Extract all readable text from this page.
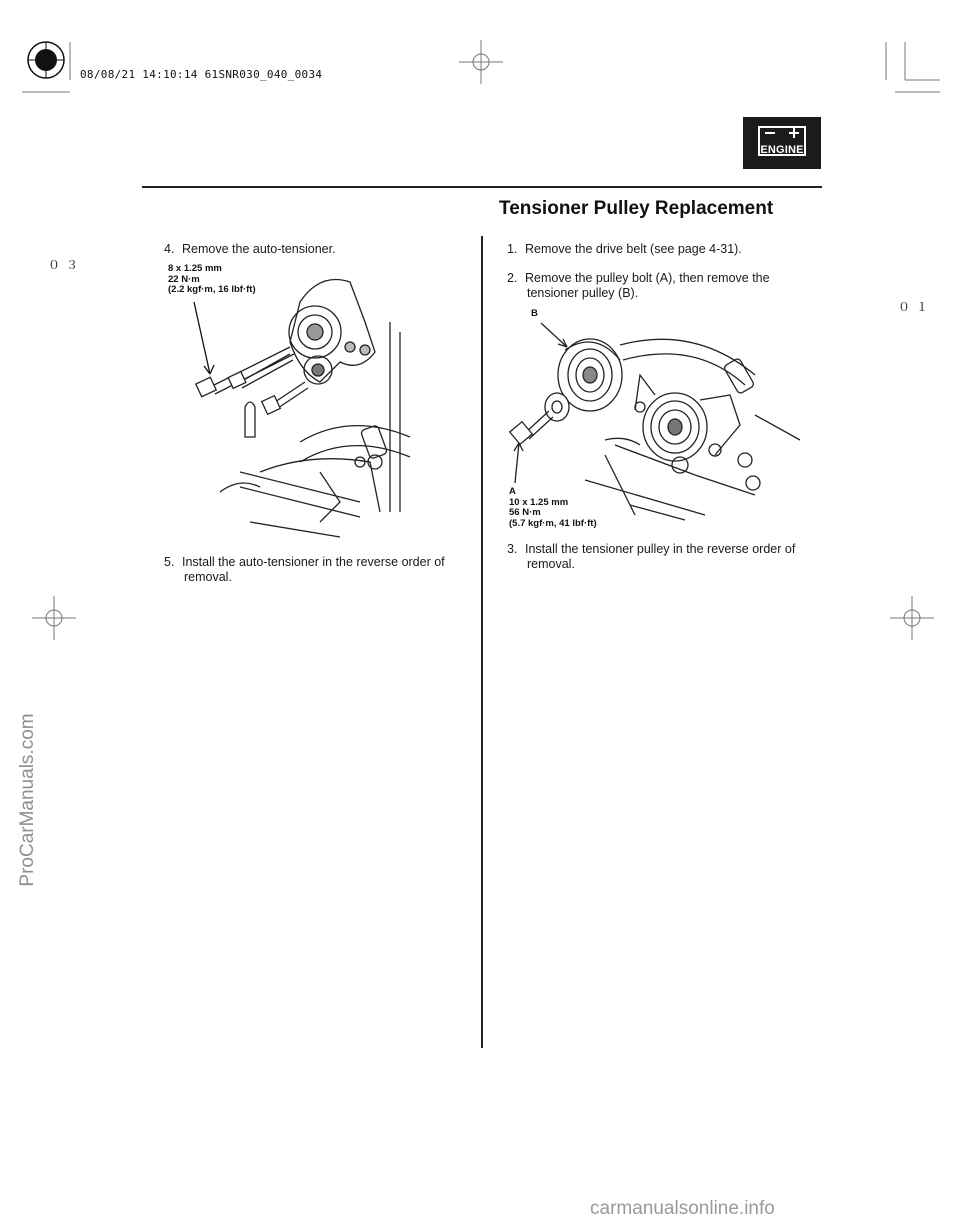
08/08/21 14:10:14 61SNR030_040_0034
ENGINE
Tensioner Pulley Replacement
０３
０１
4. Remove the auto-tensioner.
8 x 1.25 mm
22 N·m
(2.2 kgf·m, 16 lbf·ft)
5. Install the auto-tensioner in the reverse order of
removal.
1. Remove the drive belt (see page 4-31).
2. Remove the pulley bolt (A), then remove the
tensioner pulley (B).
B
A
10 x 1.25 mm
56 N·m
(5.7 kgf·m, 41 lbf·ft)
3. Install the tensioner pulley in the reverse order of
removal.
ProCarManuals.com
carmanualsonline.info
